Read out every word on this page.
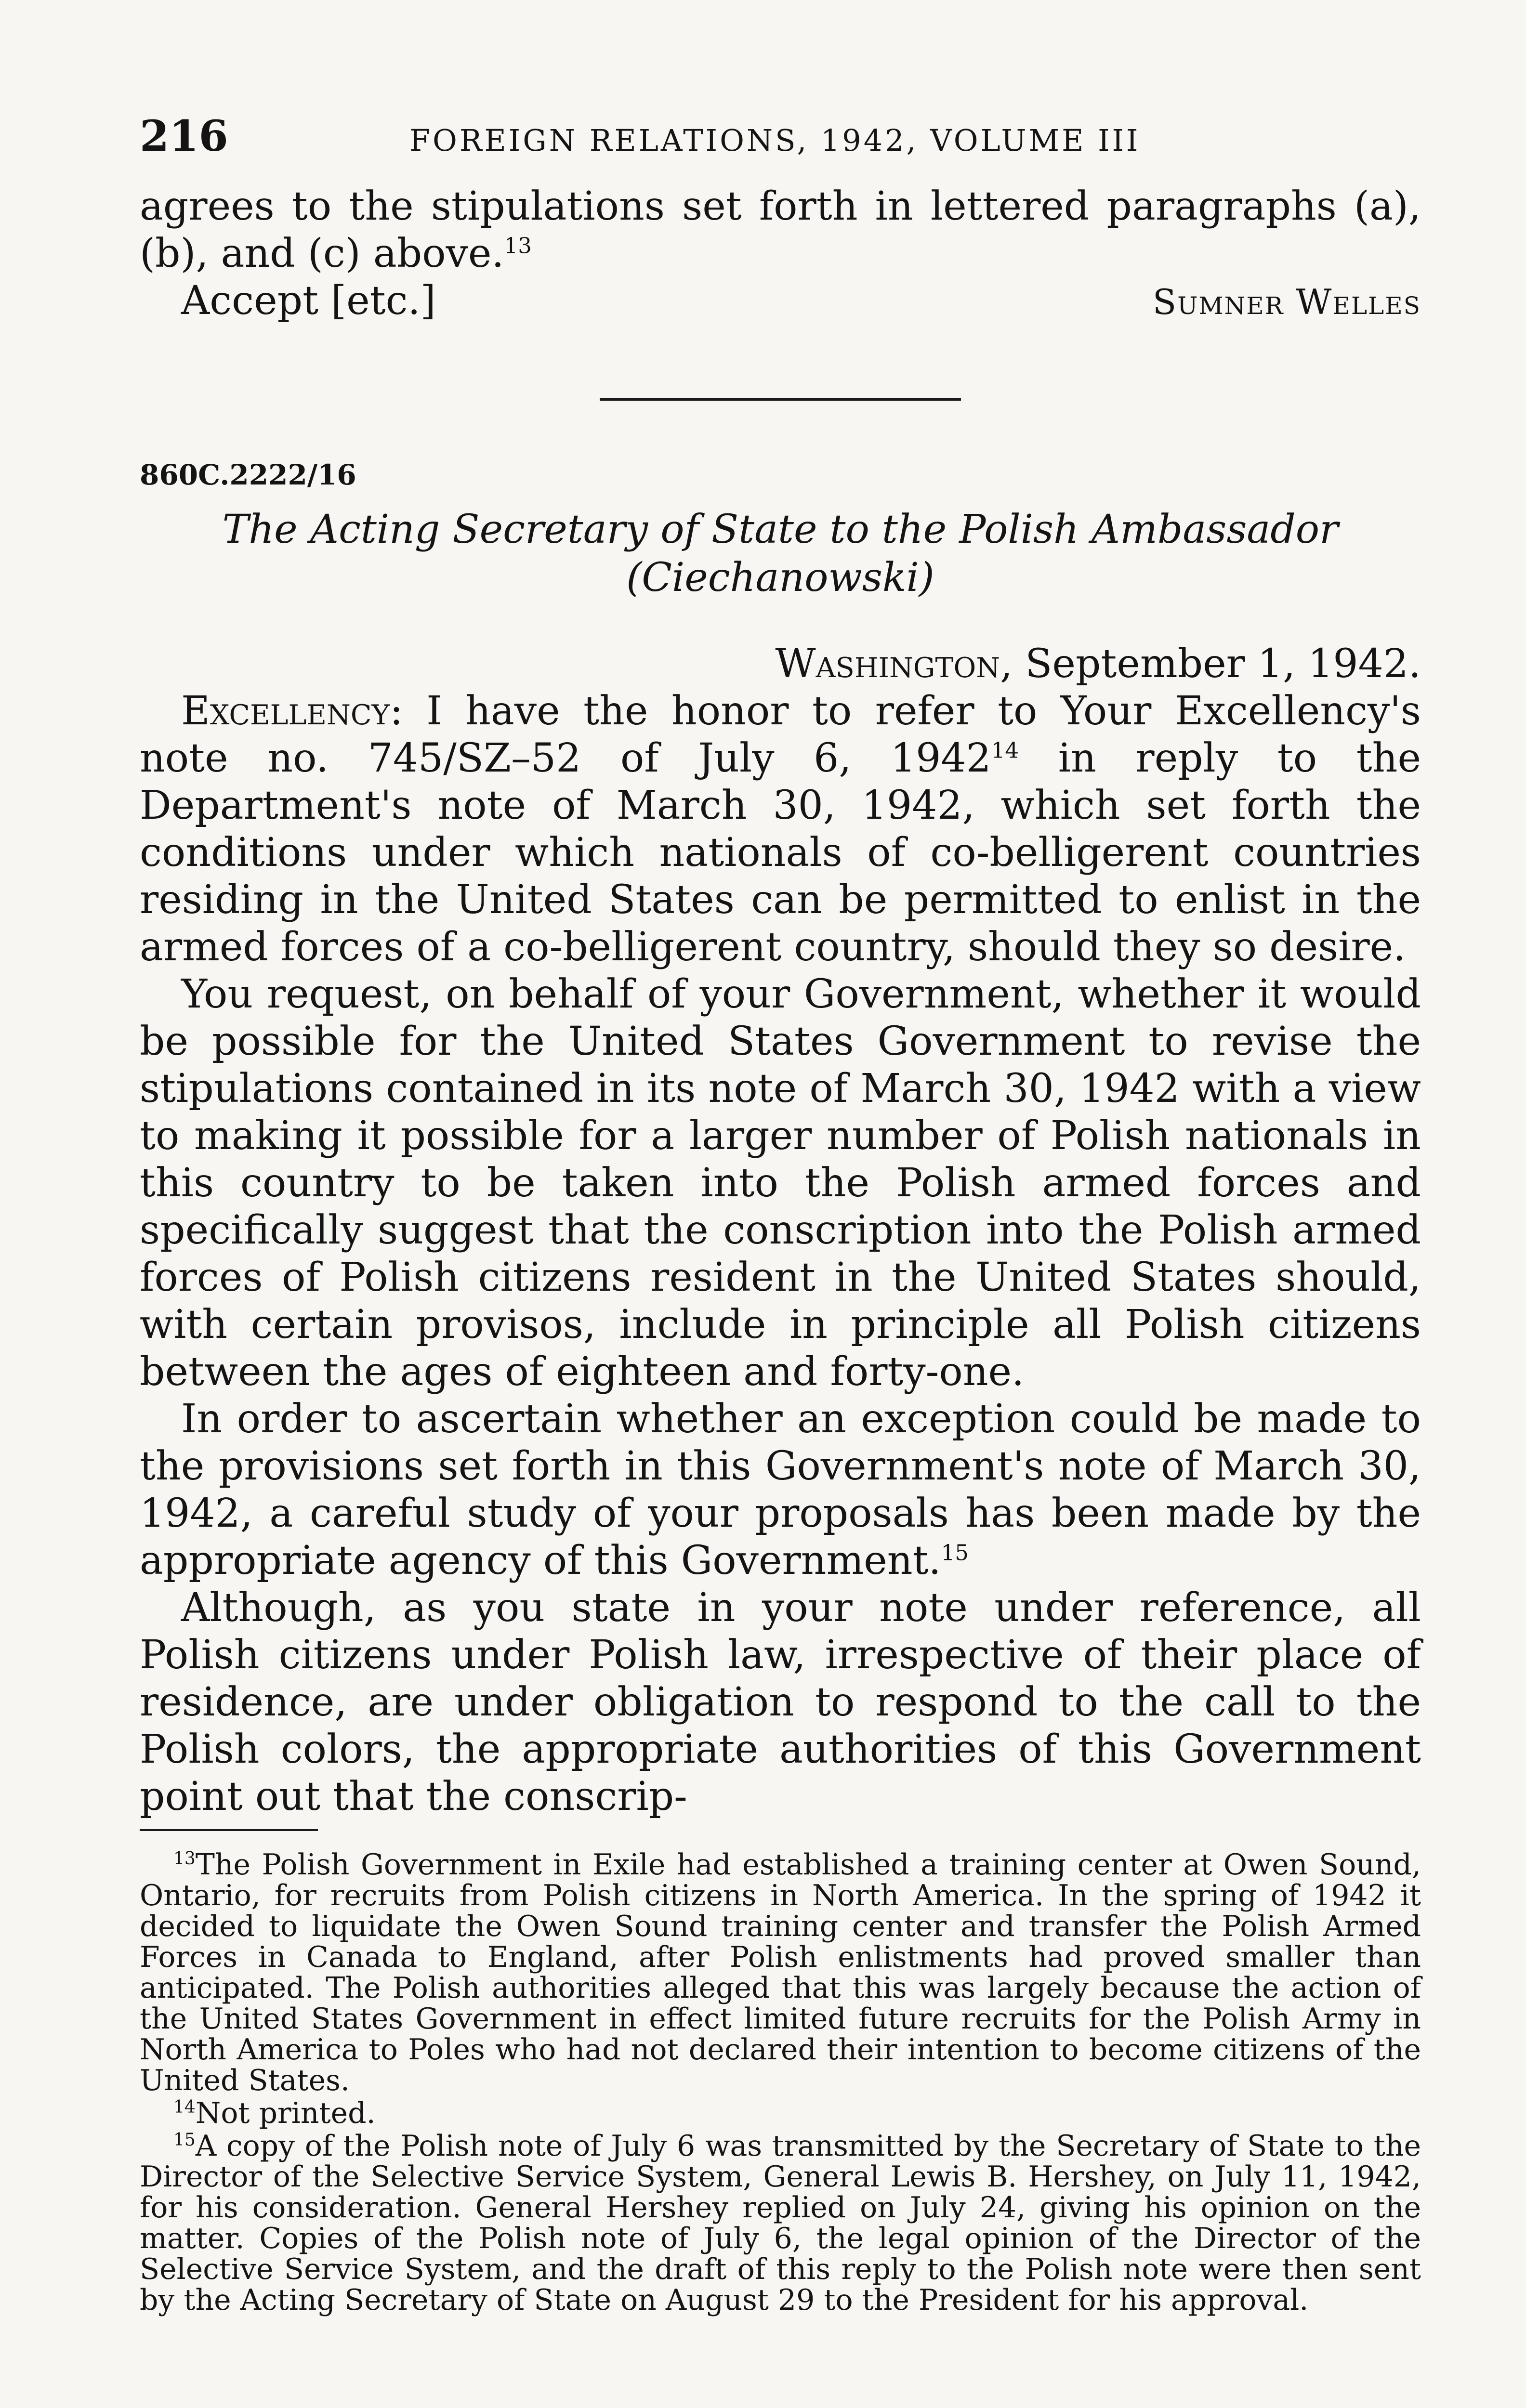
216	FOREIGN RELATIONS, 1942, VOLUME III

agrees to the stipulations set forth in lettered paragraphs (a), (b), and (c) above.$^{13}$

Accept [etc.]	Sumner Welles
860C.2222/16
The Acting Secretary of State to the Polish Ambassador
(Ciechanowski)
Washington, September 1, 1942.

Excellency: I have the honor to refer to Your Excellency's note no. 745/SZ–52 of July 6, 1942$^{14}$ in reply to the Department's note of March 30, 1942, which set forth the conditions under which nationals of co-belligerent countries residing in the United States can be permitted to enlist in the armed forces of a co-belligerent country, should they so desire.

You request, on behalf of your Government, whether it would be possible for the United States Government to revise the stipulations contained in its note of March 30, 1942 with a view to making it possible for a larger number of Polish nationals in this country to be taken into the Polish armed forces and specifically suggest that the conscription into the Polish armed forces of Polish citizens resident in the United States should, with certain provisos, include in principle all Polish citizens between the ages of eighteen and forty-one.

In order to ascertain whether an exception could be made to the provisions set forth in this Government's note of March 30, 1942, a careful study of your proposals has been made by the appropriate agency of this Government.$^{15}$

Although, as you state in your note under reference, all Polish citizens under Polish law, irrespective of their place of residence, are under obligation to respond to the call to the Polish colors, the appropriate authorities of this Government point out that the conscrip-

$^{13}$The Polish Government in Exile had established a training center at Owen Sound, Ontario, for recruits from Polish citizens in North America. In the spring of 1942 it decided to liquidate the Owen Sound training center and transfer the Polish Armed Forces in Canada to England, after Polish enlistments had proved smaller than anticipated. The Polish authorities alleged that this was largely because the action of the United States Government in effect limited future recruits for the Polish Army in North America to Poles who had not declared their intention to become citizens of the United States.

$^{14}$Not printed.

$^{15}$A copy of the Polish note of July 6 was transmitted by the Secretary of State to the Director of the Selective Service System, General Lewis B. Hershey, on July 11, 1942, for his consideration. General Hershey replied on July 24, giving his opinion on the matter. Copies of the Polish note of July 6, the legal opinion of the Director of the Selective Service System, and the draft of this reply to the Polish note were then sent by the Acting Secretary of State on August 29 to the President for his approval.
